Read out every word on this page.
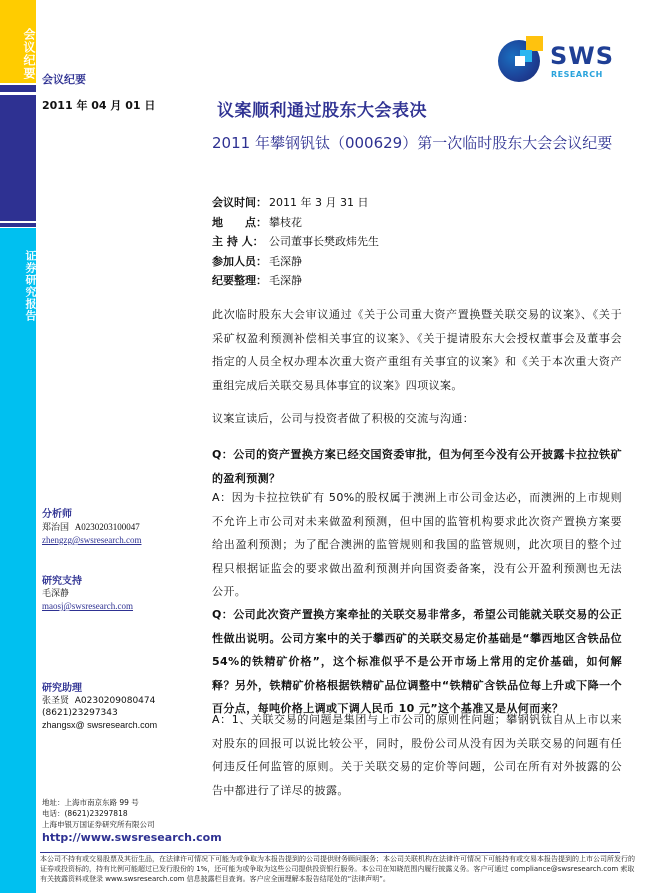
会议纪要
证券研究报告
会议纪要
2011 年 04 月 01 日
SWS
RESEARCH
议案顺利通过股东大会表决
2011 年攀钢钒钛（000629）第一次临时股东大会会议纪要
会议时间： 2011 年 3 月 31 日
地　　点： 攀枝花
主 持 人： 公司董事长樊政炜先生
参加人员： 毛深静
纪要整理： 毛深静
此次临时股东大会审议通过《关于公司重大资产置换暨关联交易的议案》、《关于采矿权盈利预测补偿相关事宜的议案》、《关于提请股东大会授权董事会及董事会指定的人员全权办理本次重大资产重组有关事宜的议案》和《关于本次重大资产重组完成后关联交易具体事宜的议案》四项议案。
议案宣读后，公司与投资者做了积极的交流与沟通：
Q：公司的资产置换方案已经交国资委审批，但为何至今没有公开披露卡拉拉铁矿的盈利预测？
A：因为卡拉拉铁矿有 50%的股权属于澳洲上市公司金达必，而澳洲的上市规则不允许上市公司对未来做盈利预测，但中国的监管机构要求此次资产置换方案要给出盈利预测；为了配合澳洲的监管规则和我国的监管规则，此次项目的整个过程只根据证监会的要求做出盈利预测并向国资委备案，没有公开盈利预测也无法公开。
Q：公司此次资产置换方案牵扯的关联交易非常多，希望公司能就关联交易的公正性做出说明。公司方案中的关于攀西矿的关联交易定价基础是“攀西地区含铁品位 54%的铁精矿价格”，这个标准似乎不是公开市场上常用的定价基础，如何解释？另外，铁精矿价格根据铁精矿品位调整中“铁精矿含铁品位每上升或下降一个百分点，每吨价格上调或下调人民币 10 元”这个基准又是从何而来？
A：1、关联交易的问题是集团与上市公司的原则性问题；攀钢钒钛自从上市以来对股东的回报可以说比较公平，同时，股份公司从没有因为关联交易的问题有任何违反任何监管的原则。关于关联交易的定价等问题，公司在所有对外披露的公告中都进行了详尽的披露。
分析师
郑治国 A0230203100047
zhengzg@swsresearch.com
研究支持
毛深静
maosj@swsresearch.com
研究助理
张圣贤 A0230209080474
(8621)23297343
zhangsx@ swsresearch.com
地址：上海市南京东路 99 号
电话：(8621)23297818
上海申银万国证券研究所有限公司
http://www.swsresearch.com
本公司不持有或交易股票及其衍生品，在法律许可情况下可能为或争取为本报告提到的公司提供财务顾问服务；本公司关联机构在法律许可情况下可能持有或交易本报告提到的上市公司所发行的证券或投资标的，持有比例可能超过已发行股份的 1%，还可能为或争取为这些公司提供投资银行服务。本公司在知晓范围内履行披露义务。客户可通过 compliance@swsresearch.com 索取有关披露资料或登录 www.swsresearch.com 信息披露栏目查询。客户应全面理解本报告结尾处的“法律声明”。
